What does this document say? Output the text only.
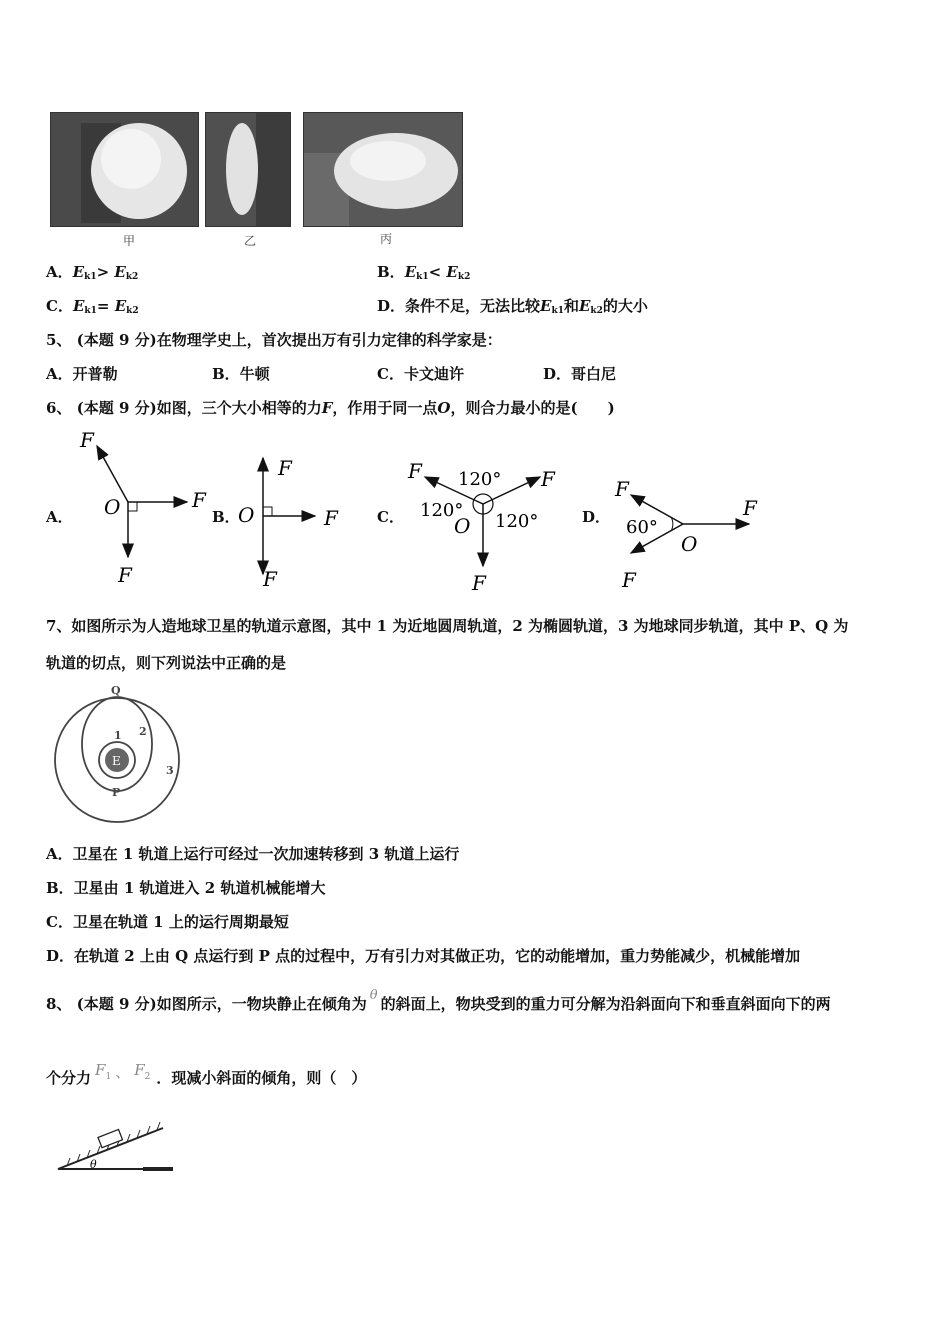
甲	乙	丙
A．$E_{k1}> E_{k2}$	B．$E_{k1}< E_{k2}$
C．$E_{k1}= E_{k2}$	D．条件不足，无法比较$E_{k1}$和$E_{k2}$的大小
5、 (本题 9 分)在物理学史上，首次提出万有引力定律的科学家是：
A．开普勒	B．牛顿	C．卡文迪许	D．哥白尼
6、 (本题 9 分)如图，三个大小相等的力F，作用于同一点O，则合力最小的是(　　)
A．	B．	C．	D．
F
F
F
O
F
F
F
O
F	F
F
O
120°
120°
120°
F
F
F
O
60°
7、如图所示为人造地球卫星的轨道示意图，其中 1 为近地圆周轨道，2 为椭圆轨道，3 为地球同步轨道，其中 P、Q 为
轨道的切点，则下列说法中正确的是
E
Q
P
1 2
3
A．卫星在 1 轨道上运行可经过一次加速转移到 3 轨道上运行
B．卫星由 1 轨道进入 2 轨道机械能增大
C．卫星在轨道 1 上的运行周期最短
D．在轨道 2 上由 Q 点运行到 P 点的过程中，万有引力对其做正功，它的动能增加，重力势能减少，机械能增加
8、 (本题 9 分)如图所示，一物块静止在倾角为 θ 的斜面上，物块受到的重力可分解为沿斜面向下和垂直斜面向下的两
个分力 $F_1$ 、 $F_2$ ．现减小斜面的倾角，则（　）
θ
